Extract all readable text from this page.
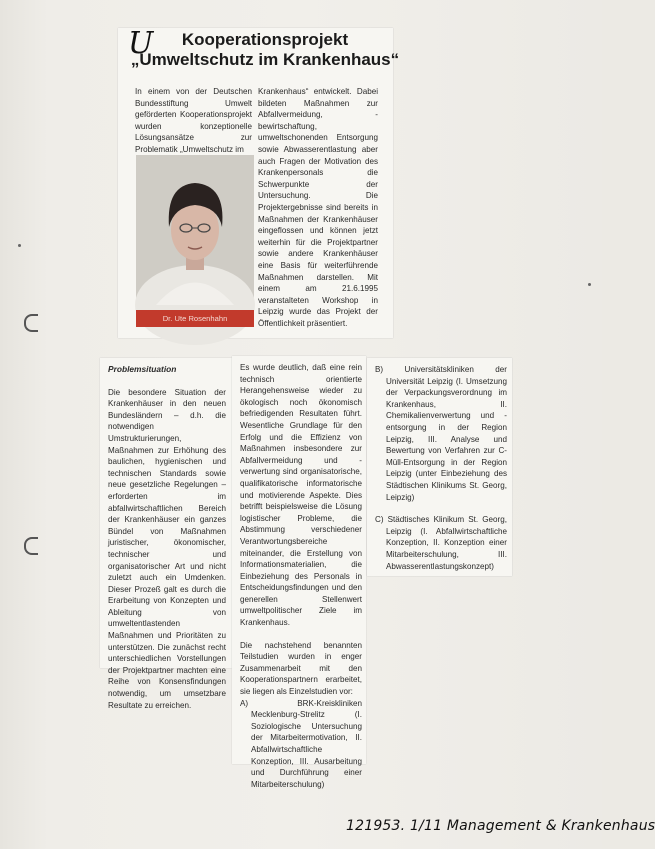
U	Kooperationsprojekt
„Umweltschutz im Krankenhaus“

In einem von der Deutschen Bundesstiftung Umwelt geförderten Kooperationsprojekt wurden konzeptionelle Lösungsansätze zur Problematik „Umweltschutz im

Krankenhaus“ entwickelt. Dabei bildeten Maßnahmen zur Abfallvermeidung, -bewirtschaftung, umweltschonenden Entsorgung sowie Abwasserentlastung aber auch Fragen der Motivation des Krankenpersonals die Schwerpunkte der Untersuchung. Die Projektergebnisse sind bereits in Maßnahmen der Krankenhäuser eingeflossen und können jetzt weiterhin für die Projektpartner sowie andere Krankenhäuser eine Basis für weiterführende Maßnahmen darstellen. Mit einem am 21.6.1995 veranstalteten Workshop in Leipzig wurde das Projekt der Öffentlichkeit präsentiert.

Dr. Ute Rosenhahn

Problemsituation

Die besondere Situation der Krankenhäuser in den neuen Bundesländern – d.h. die notwendigen Umstrukturierungen, Maßnahmen zur Erhöhung des baulichen, hygienischen und technischen Standards sowie neue gesetzliche Regelungen – erforderten im abfallwirtschaftlichen Bereich der Krankenhäuser ein ganzes Bündel von Maßnahmen juristischer, ökonomischer, technischer und organisatorischer Art und nicht zuletzt auch ein Umdenken. Dieser Prozeß galt es durch die Erarbeitung von Konzepten und Ableitung von umweltentlastenden Maßnahmen und Prioritäten zu unterstützen. Die zunächst recht unterschiedlichen Vorstellungen der Projektpartner machten eine Reihe von Konsensfindungen notwendig, um umsetzbare Resultate zu erreichen.

Es wurde deutlich, daß eine rein technisch orientierte Herangehensweise wieder zu ökologisch noch ökonomisch befriedigenden Resultaten führt. Wesentliche Grundlage für den Erfolg und die Effizienz von Maßnahmen insbesondere zur Abfallvermeidung und -verwertung sind organisatorische, qualifikatorische informatorische und motivierende Aspekte. Dies betrifft beispielsweise die Lösung logistischer Probleme, die Abstimmung verschiedener Verantwortungsbereiche miteinander, die Erstellung von Informationsmaterialien, die Einbeziehung des Personals in Entscheidungsfindungen und den generellen Stellenwert umweltpolitischer Ziele im Krankenhaus.

Die nachstehend benannten Teilstudien wurden in enger Zusammenarbeit mit den Kooperationspartnern erarbeitet, sie liegen als Einzelstudien vor:

A) BRK-Kreiskliniken Mecklenburg-Strelitz (I. Soziologische Untersuchung der Mitarbeitermotivation, II. Abfallwirtschaftliche Konzeption, III. Ausarbeitung und Durchführung einer Mitarbeiterschulung)

B) Universitätskliniken der Universität Leipzig (I. Umsetzung der Verpackungsverordnung im Krankenhaus, II. Chemikalienverwertung und -entsorgung in der Region Leipzig, III. Analyse und Bewertung von Verfahren zur C-Müll-Entsorgung in der Region Leipzig (unter Einbeziehung des Städtischen Klinikums St. Georg, Leipzig)

C) Städtisches Klinikum St. Georg, Leipzig (I. Abfallwirtschaftliche Konzeption, II. Konzeption einer Mitarbeiterschulung, III. Abwasserentlastungskonzept)

121953. 1/11 Management & Krankenhaus
